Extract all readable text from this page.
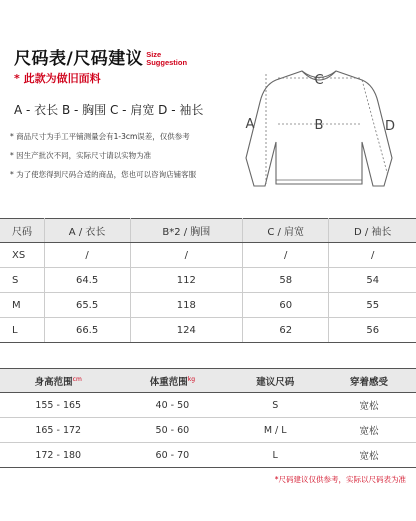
尺码表/尺码建议 Size
Suggestion
* 此款为做旧面料
A - 衣长 B - 胸围 C - 肩宽 D - 袖长
* 商品尺寸为手工平铺测量会有1-3cm误差，仅供参考
* 因生产批次不同，实际尺寸请以实物为准
* 为了使您得到尺码合适的商品，您也可以咨询店铺客服
A	B
C
D
尺码	A / 衣长	B*2 / 胸围	C / 肩宽	D / 袖长
XS	/	/	/	/
S	64.5	112	58	54
M	65.5	118	60	55
L	66.5	124	62	56
身高范围$^{cm}$	体重范围$^{kg}$	建议尺码	穿着感受
155 - 165	40 - 50	S	宽松
165 - 172	50 - 60	M / L	宽松
172 - 180	60 - 70	L	宽松
*尺码建议仅供参考，实际以尺码表为准
